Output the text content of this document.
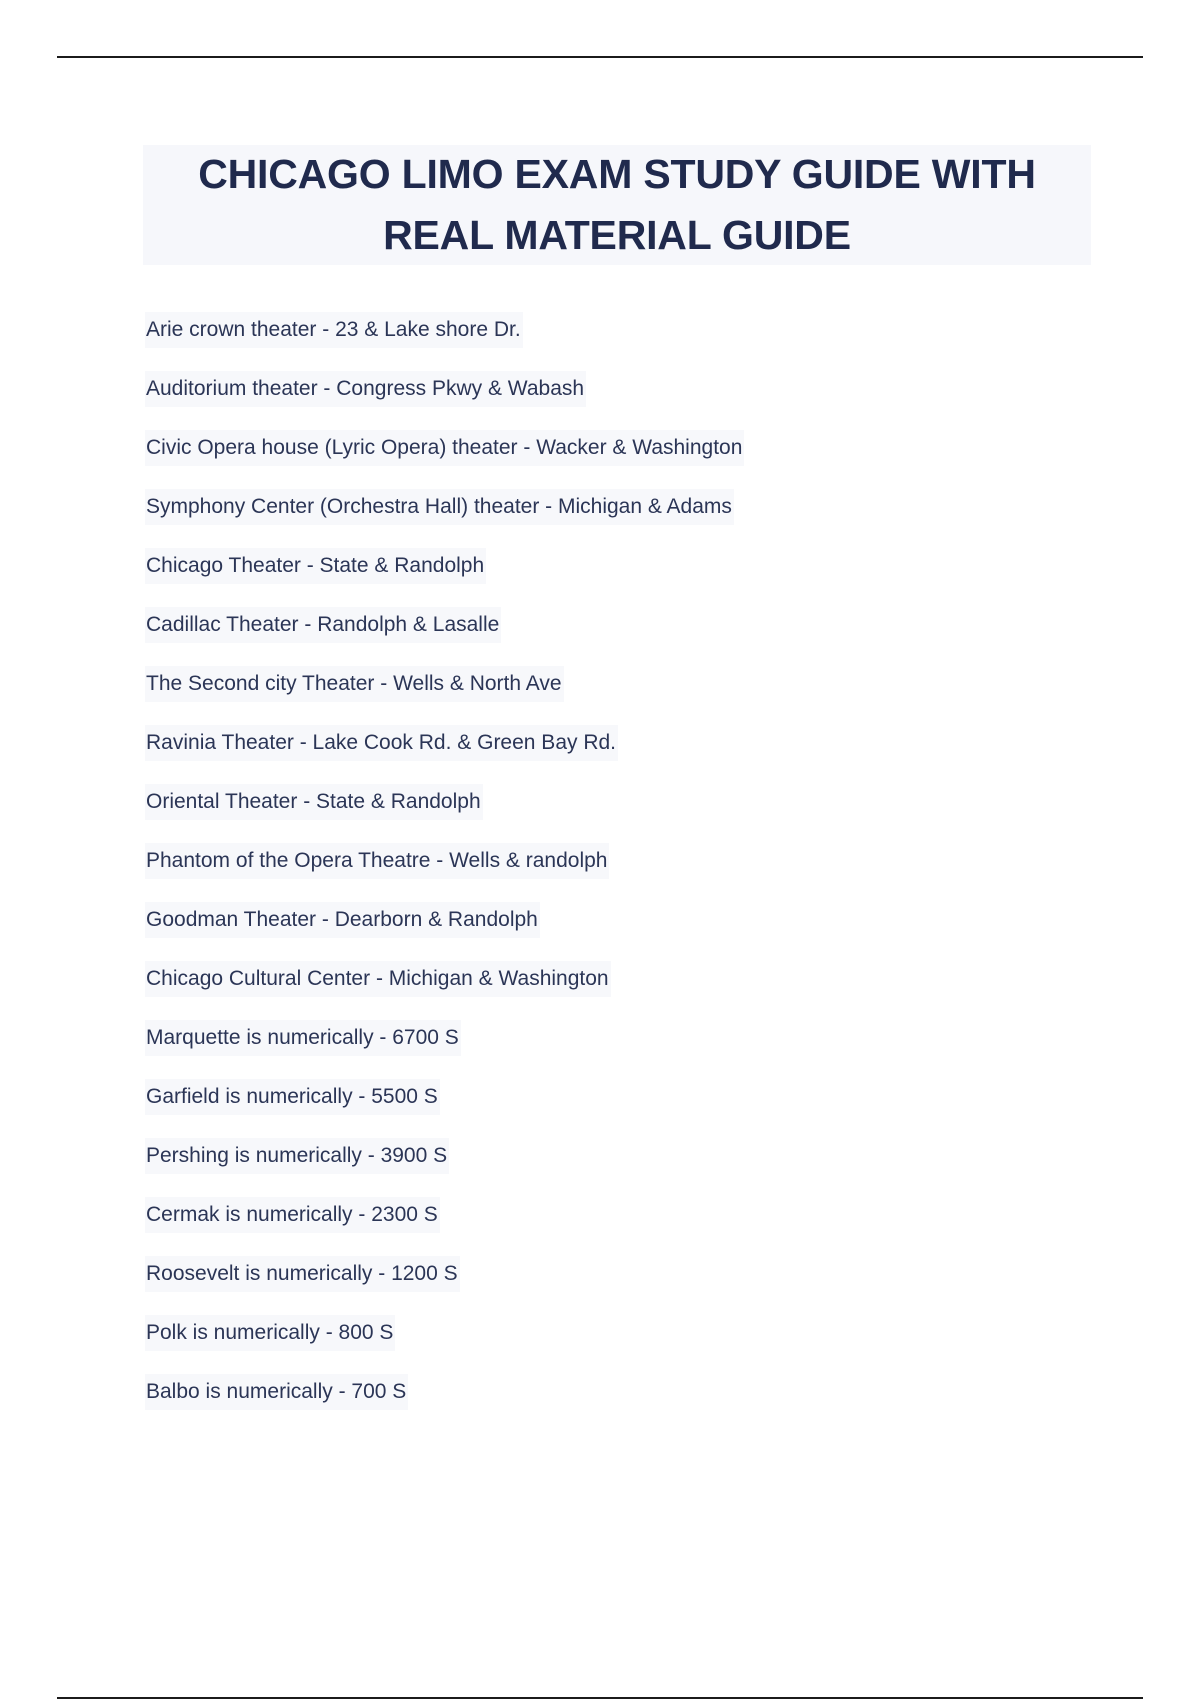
CHICAGO LIMO EXAM STUDY GUIDE WITH
REAL MATERIAL GUIDE
Arie crown theater - 23 & Lake shore Dr.
Auditorium theater - Congress Pkwy & Wabash
Civic Opera house (Lyric Opera) theater - Wacker & Washington
Symphony Center (Orchestra Hall) theater - Michigan & Adams
Chicago Theater - State & Randolph
Cadillac Theater - Randolph & Lasalle
The Second city Theater - Wells & North Ave
Ravinia Theater - Lake Cook Rd. & Green Bay Rd.
Oriental Theater - State & Randolph
Phantom of the Opera Theatre - Wells & randolph
Goodman Theater - Dearborn & Randolph
Chicago Cultural Center - Michigan & Washington
Marquette is numerically - 6700 S
Garfield is numerically - 5500 S
Pershing is numerically - 3900 S
Cermak is numerically - 2300 S
Roosevelt is numerically - 1200 S
Polk is numerically - 800 S
Balbo is numerically - 700 S
